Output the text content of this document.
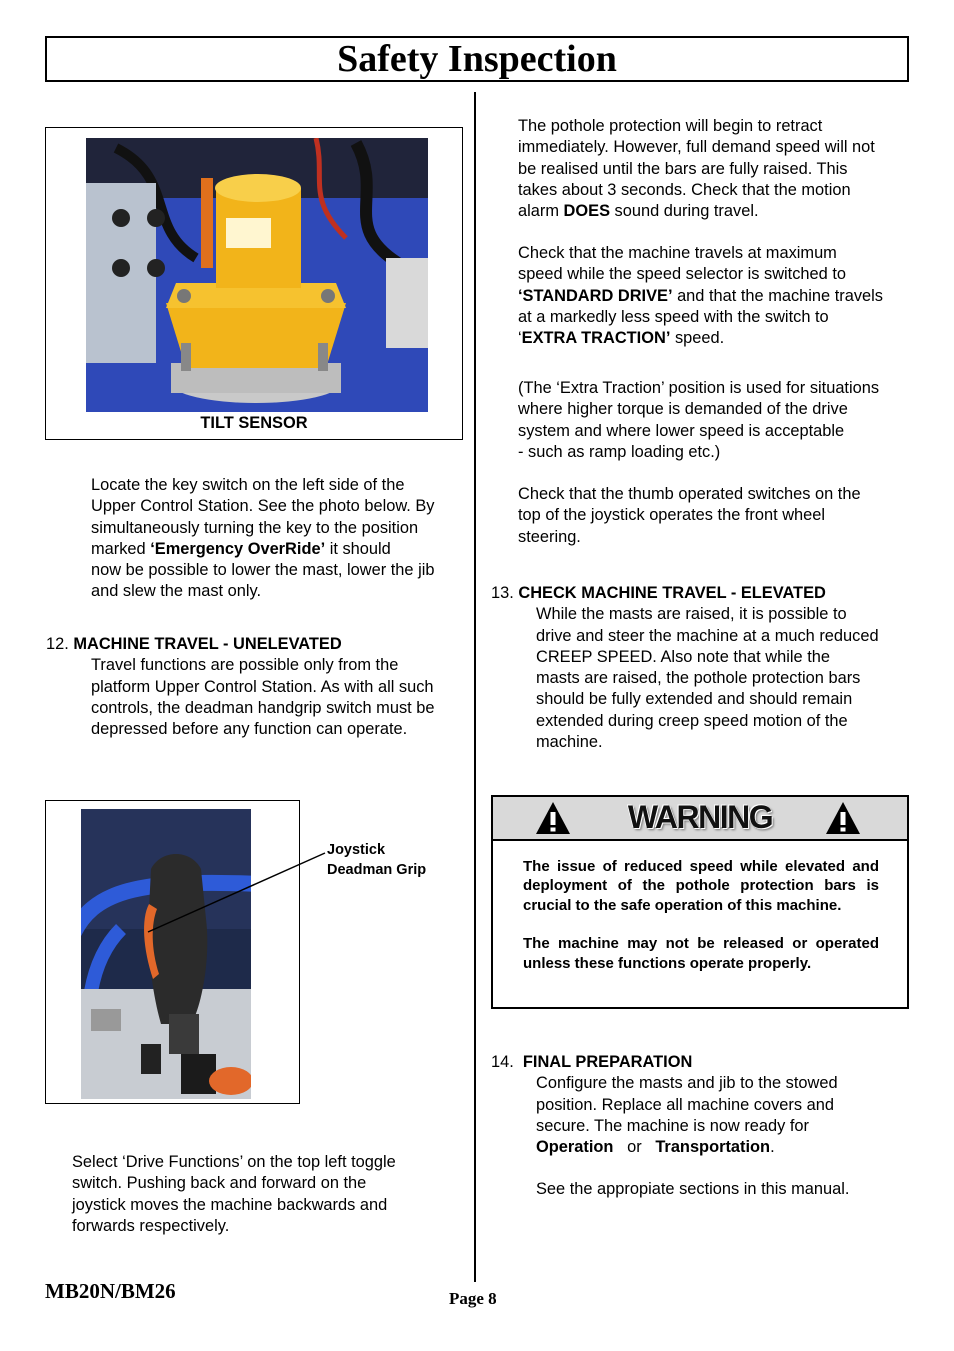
Safety Inspection
TILT SENSOR

Locate the key switch on the left side of the

Upper Control Station. See the photo below. By

simultaneously turning the key to the position

marked ‘Emergency OverRide’ it should

now be possible to lower the mast, lower the jib

and slew the mast only.

12. MACHINE TRAVEL - UNELEVATED

Travel functions are possible only from the

platform Upper Control Station. As with all such

controls, the deadman handgrip switch must be

depressed before any function can operate.

Joystick
Deadman Grip

Select ‘Drive Functions’ on the top left toggle

switch. Pushing back and forward on the

joystick moves the machine backwards and

forwards respectively.

The pothole protection will begin to retract

immediately. However, full demand speed will not

be realised until the bars are fully raised. This

takes about 3 seconds. Check that the motion

alarm DOES sound during travel.

Check that the machine travels at maximum

speed while the speed selector is switched to

‘STANDARD DRIVE’ and that the machine travels

at a markedly less speed with the switch to

‘EXTRA TRACTION’ speed.

(The ‘Extra Traction’ position is used for situations

where higher torque is demanded of the drive

system and where lower speed is acceptable

- such as ramp loading etc.)

Check that the thumb operated switches on the

top of the joystick operates the front wheel

steering.

13. CHECK MACHINE TRAVEL - ELEVATED

While the masts are raised, it is possible to

drive and steer the machine at a much reduced

CREEP SPEED. Also note that while the

masts are raised, the pothole protection bars

should be fully extended and should remain

extended during creep speed motion of the

machine.

WARNING

The issue of reduced speed while elevated and deployment of the pothole protection bars is crucial to the safe operation of this machine.

The machine may not be released or operated unless these functions operate properly.

14. FINAL PREPARATION

Configure the masts and jib to the stowed

position. Replace all machine covers and

secure. The machine is now ready for

Operation   or   Transportation.

See the appropiate sections in this manual.

MB20N/BM26	Page 8
